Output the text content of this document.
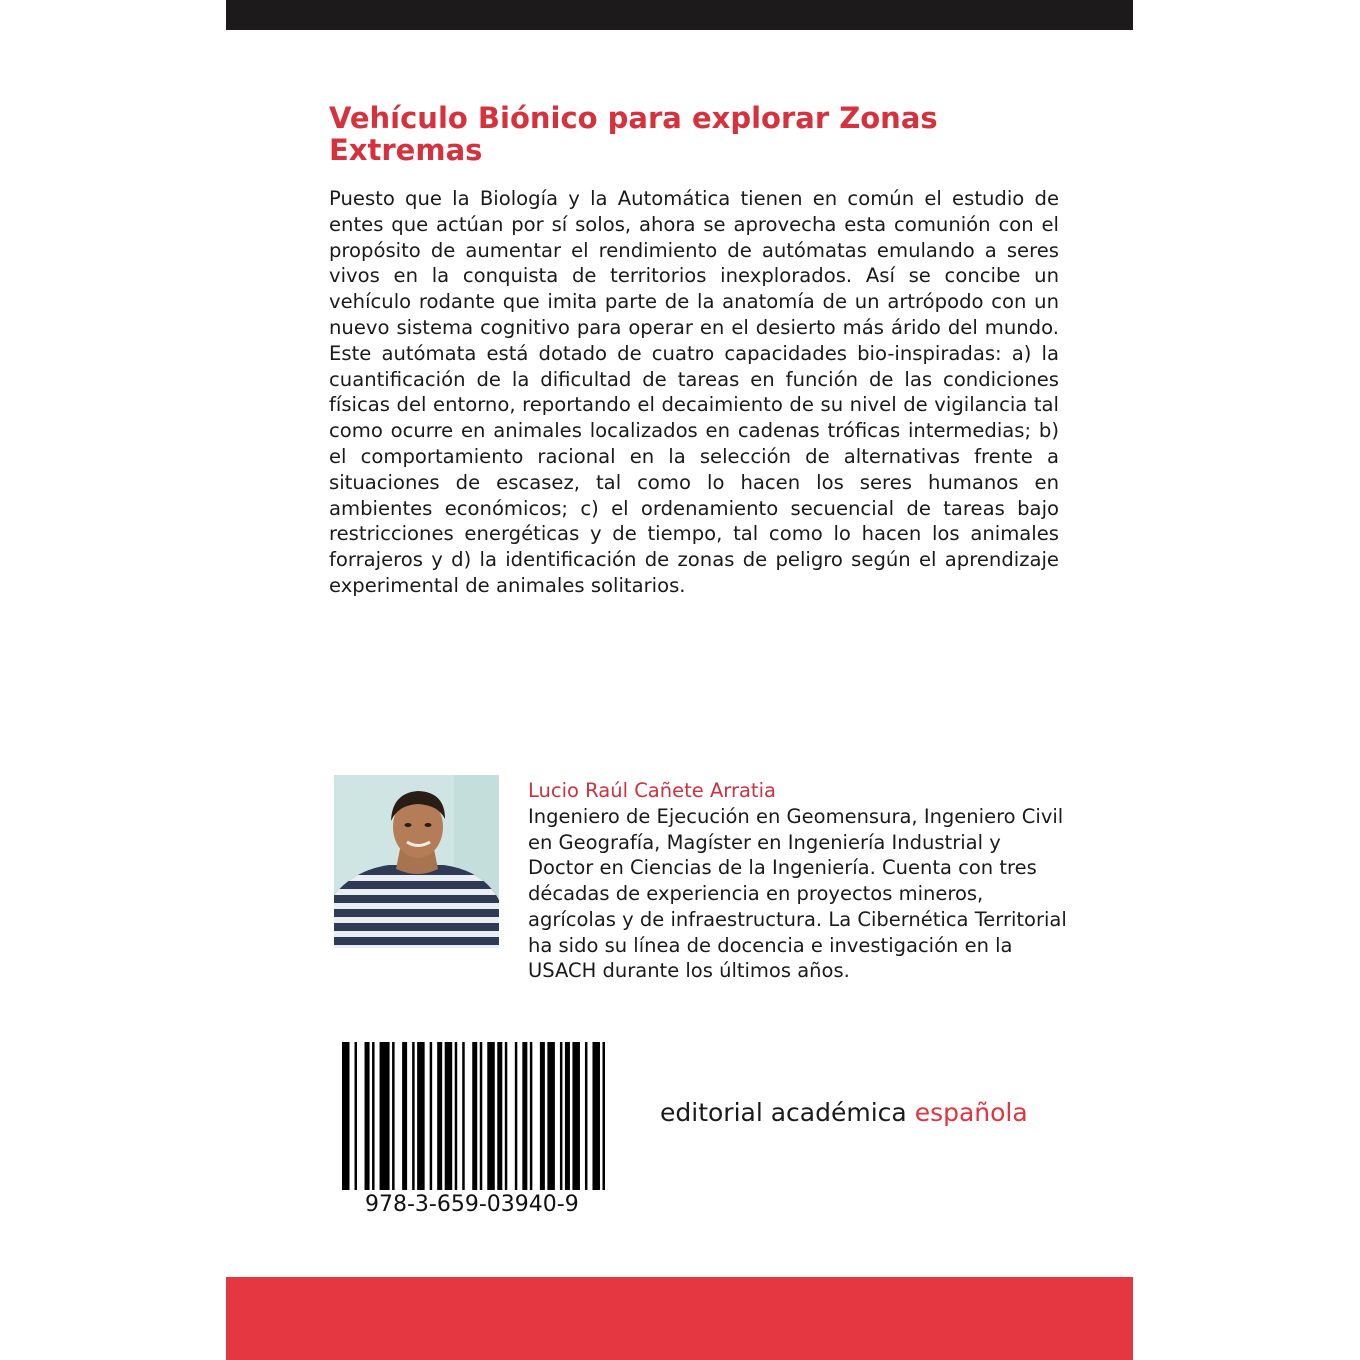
Vehículo Biónico para explorar Zonas Extremas

Puesto que la Biología y la Automática tienen en común el estudio de entes que actúan por sí solos, ahora se aprovecha esta comunión con el propósito de aumentar el rendimiento de autómatas emulando a seres vivos en la conquista de territorios inexplorados. Así se concibe un vehículo rodante que imita parte de la anatomía de un artrópodo con un nuevo sistema cognitivo para operar en el desierto más árido del mundo. Este autómata está dotado de cuatro capacidades bio-inspiradas: a) la cuantificación de la dificultad de tareas en función de las condiciones físicas del entorno, reportando el decaimiento de su nivel de vigilancia tal como ocurre en animales localizados en cadenas tróficas intermedias; b) el comportamiento racional en la selección de alternativas frente a situaciones de escasez, tal como lo hacen los seres humanos en ambientes económicos; c) el ordenamiento secuencial de tareas bajo restricciones energéticas y de tiempo, tal como lo hacen los animales forrajeros y d) la identificación de zonas de peligro según el aprendizaje experimental de animales solitarios.

Lucio Raúl Cañete Arratia

Ingeniero de Ejecución en Geomensura, Ingeniero Civil en Geografía, Magíster en Ingeniería Industrial y Doctor en Ciencias de la Ingeniería. Cuenta con tres décadas de experiencia en proyectos mineros, agrícolas y de infraestructura. La Cibernética Territorial ha sido su línea de docencia e investigación en la USACH durante los últimos años.

978-3-659-03940-9
editorial académica española
